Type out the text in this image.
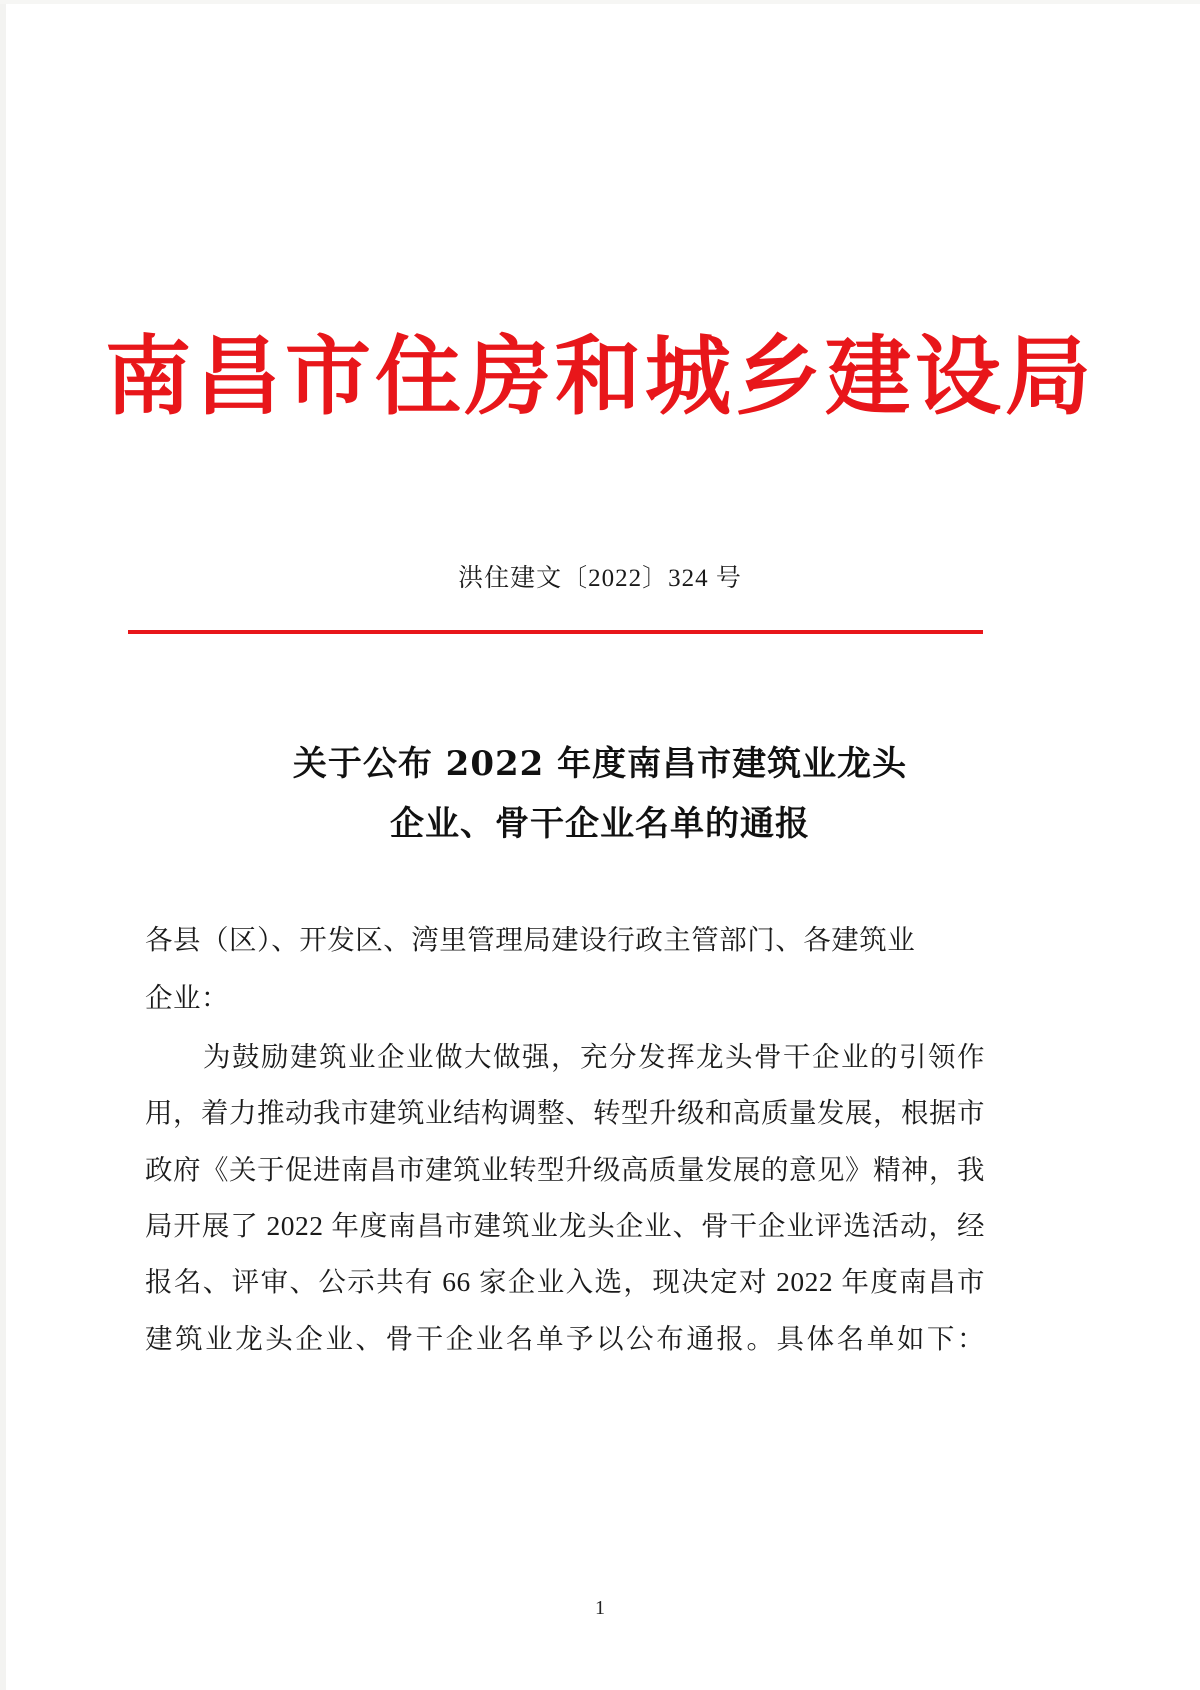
南昌市住房和城乡建设局
洪住建文〔2022〕324 号
关于公布 2022 年度南昌市建筑业龙头
企业、骨干企业名单的通报

各县（区）、开发区、湾里管理局建设行政主管部门、各建筑业

企业：

为鼓励建筑业企业做大做强，充分发挥龙头骨干企业的引领作用，着力推动我市建筑业结构调整、转型升级和高质量发展，根据市政府《关于促进南昌市建筑业转型升级高质量发展的意见》精神，我局开展了 2022 年度南昌市建筑业龙头企业、骨干企业评选活动，经报名、评审、公示共有 66 家企业入选，现决定对 2022 年度南昌市建筑业龙头企业、骨干企业名单予以公布通报。具体名单如下：

1
